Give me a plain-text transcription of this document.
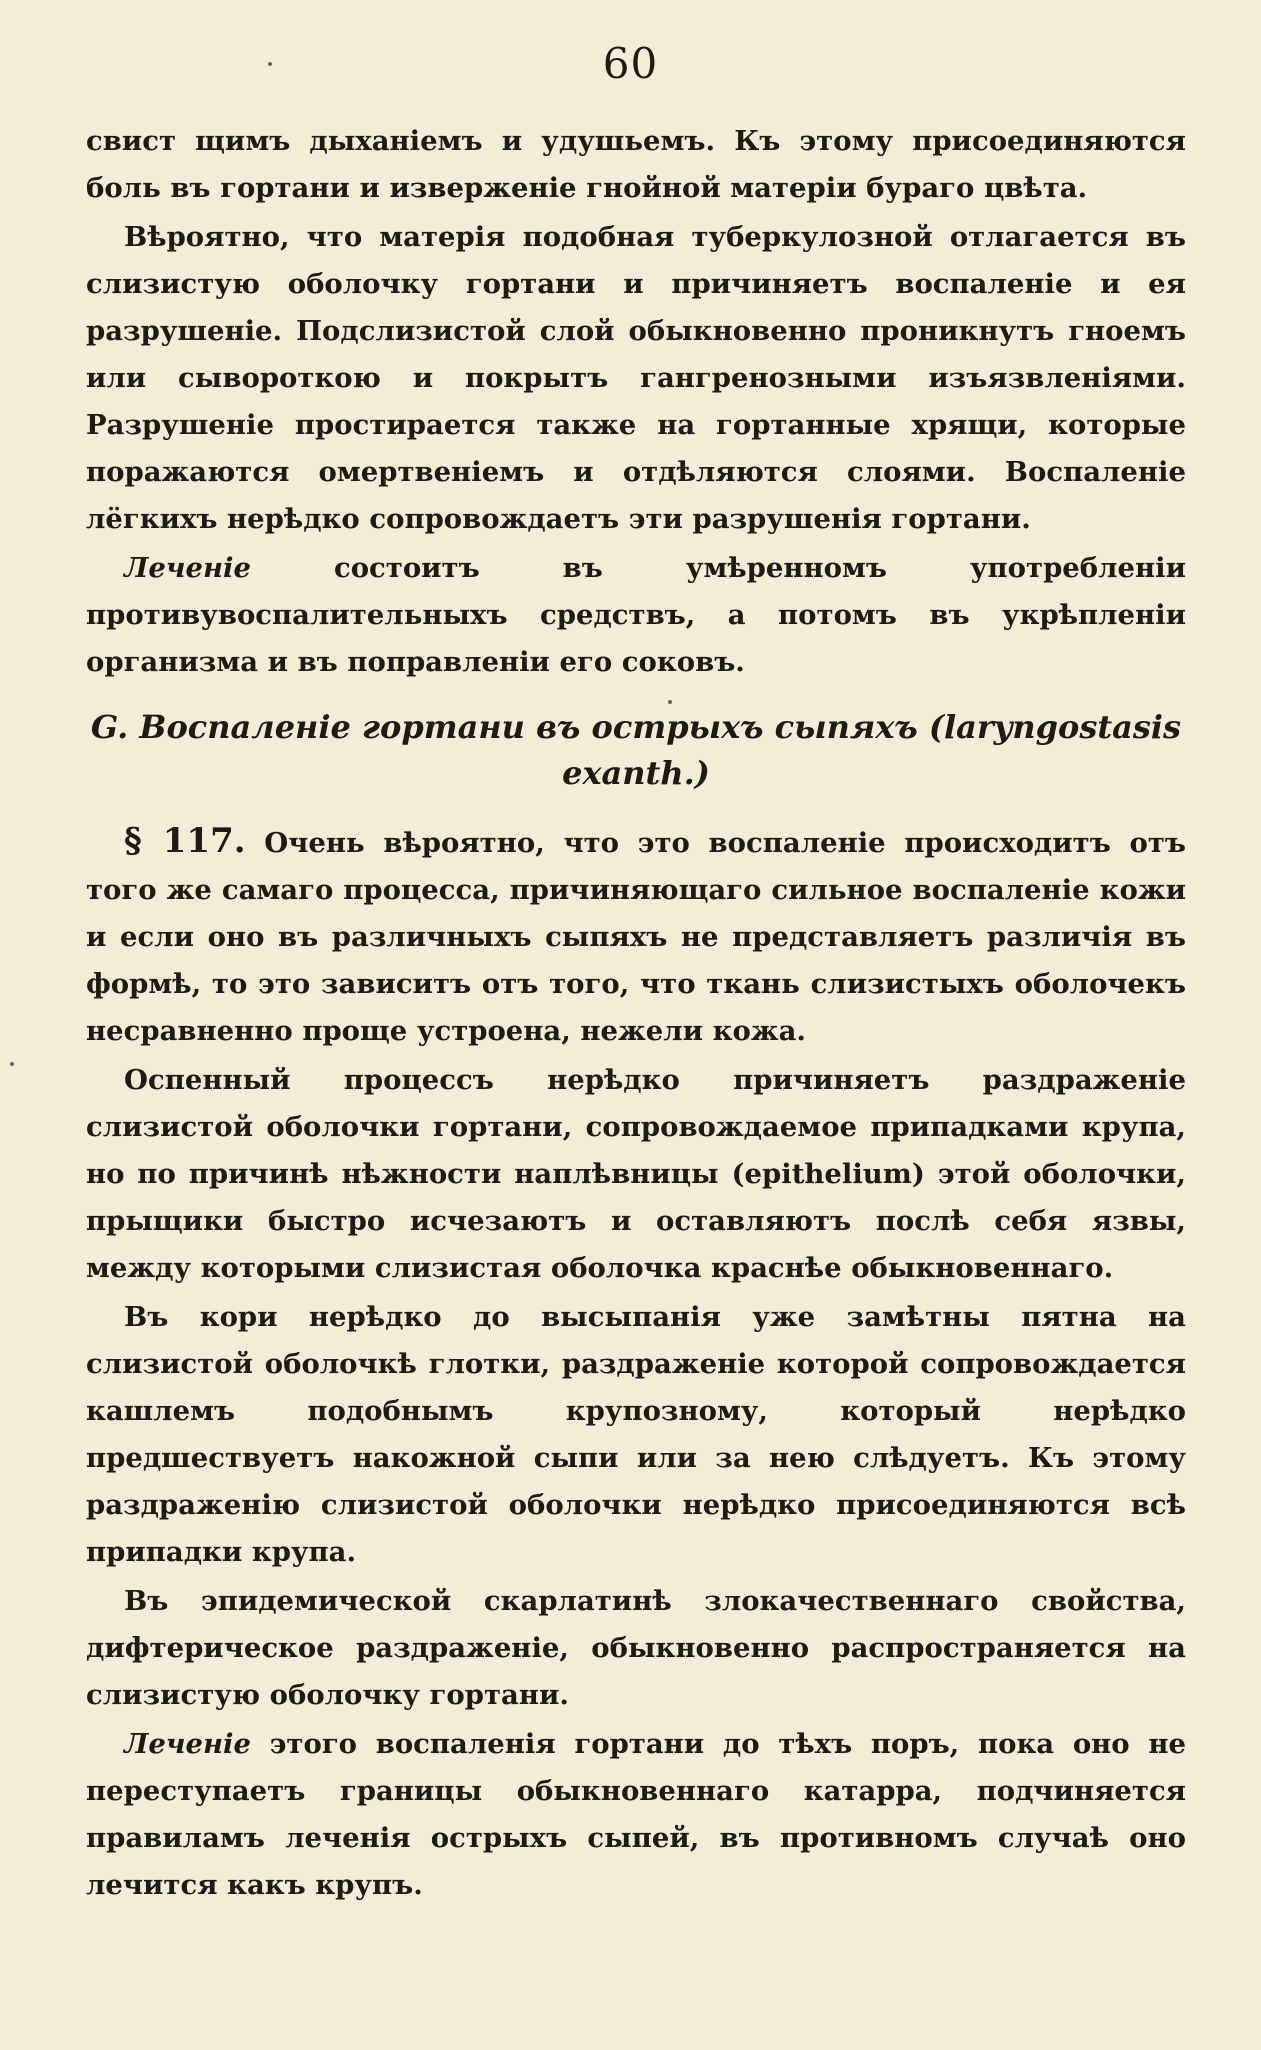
60

свист щимъ дыханіемъ и удушьемъ. Къ этому присоединяются боль въ гортани и изверженіе гнойной матеріи бураго цвѣта.

Вѣроятно, что матерія подобная туберкулозной отлагается въ слизистую оболочку гортани и причиняетъ воспаленіе и ея разрушеніе. Подслизистой слой обыкновенно проникнутъ гноемъ или сывороткою и покрытъ гангренозными изъязвленіями. Разрушеніе простирается также на гортанные хрящи, которые поражаются омертвеніемъ и отдѣляются слоями. Воспаленіе лёгкихъ нерѣдко сопровождаетъ эти разрушенія гортани.

Леченіе состоитъ въ умѣренномъ употребленіи противувоспалительныхъ средствъ, а потомъ въ укрѣпленіи организма и въ поправленіи его соковъ.

G. Воспаленіе гортани въ острыхъ сыпяхъ (laryngostasis exanth.)

§ 117. Очень вѣроятно, что это воспаленіе происходитъ отъ того же самаго процесса, причиняющаго сильное воспаленіе кожи и если оно въ различныхъ сыпяхъ не представляетъ различія въ формѣ, то это зависитъ отъ того, что ткань слизистыхъ оболочекъ несравненно проще устроена, нежели кожа.

Оспенный процессъ нерѣдко причиняетъ раздраженіе слизистой оболочки гортани, сопровождаемое припадками крупа, но по причинѣ нѣжности наплѣвницы (epithelium) этой оболочки, прыщики быстро исчезаютъ и оставляютъ послѣ себя язвы, между которыми слизистая оболочка краснѣе обыкновеннаго.

Въ кори нерѣдко до высыпанія уже замѣтны пятна на слизистой оболочкѣ глотки, раздраженіе которой сопровождается кашлемъ подобнымъ крупозному, который нерѣдко предшествуетъ накожной сыпи или за нею слѣдуетъ. Къ этому раздраженію слизистой оболочки нерѣдко присоединяются всѣ припадки крупа.

Въ эпидемической скарлатинѣ злокачественнаго свойства, дифтерическое раздраженіе, обыкновенно распространяется на слизистую оболочку гортани.

Леченіе этого воспаленія гортани до тѣхъ поръ, пока оно не переступаетъ границы обыкновеннаго катарра, подчиняется правиламъ леченія острыхъ сыпей, въ противномъ случаѣ оно лечится какъ крупъ.
